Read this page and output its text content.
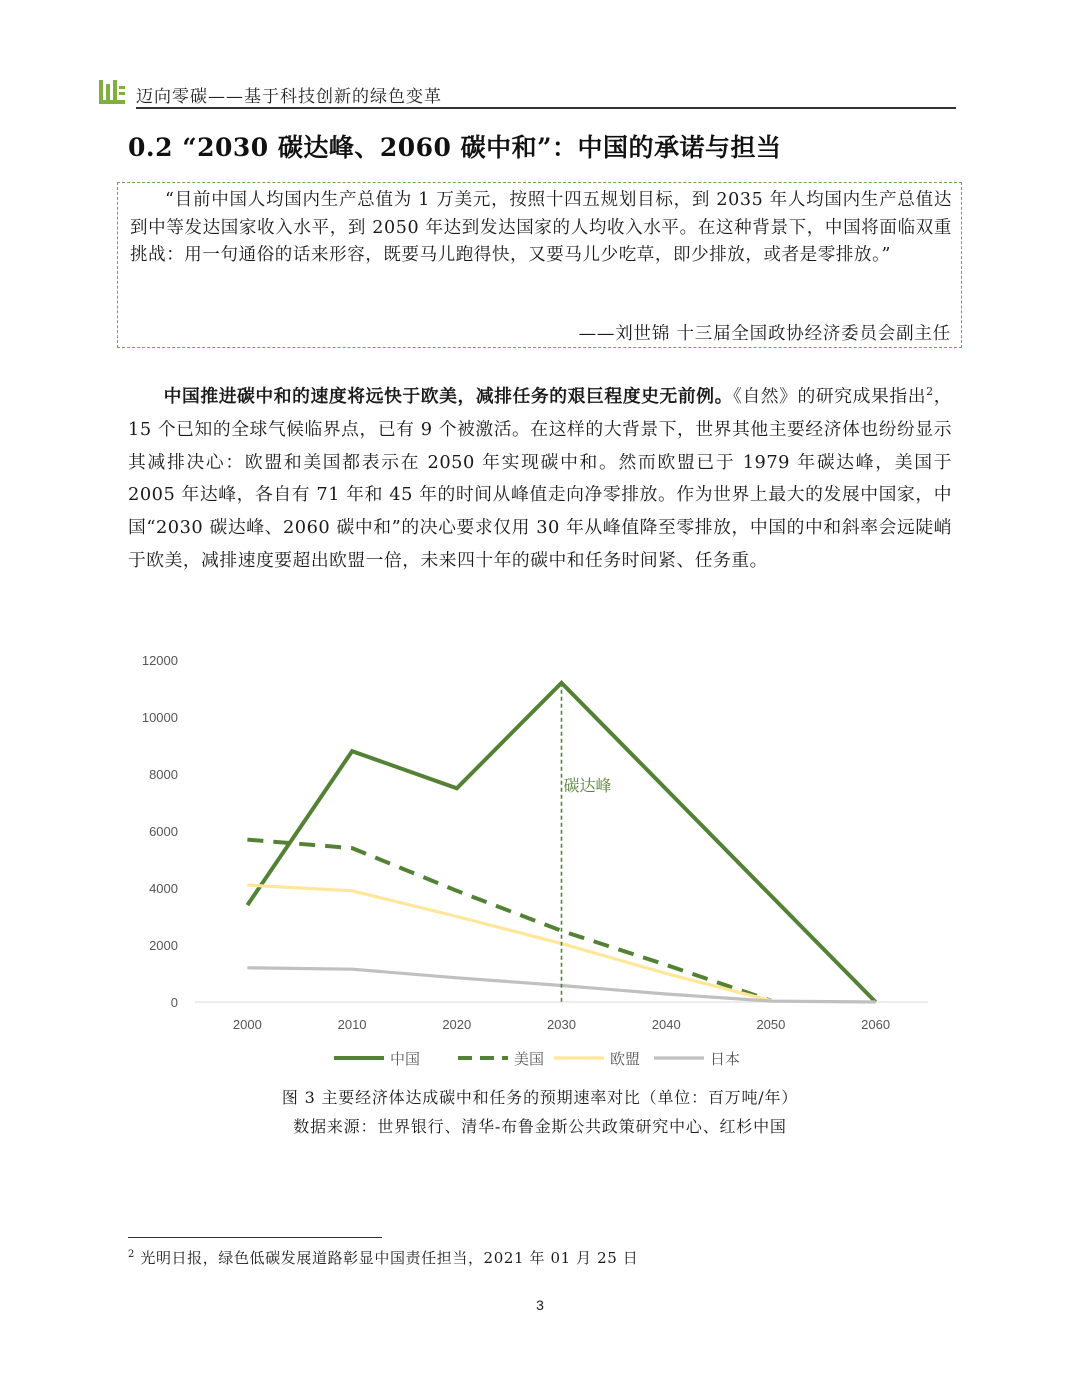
迈向零碳——基于科技创新的绿色变革
0.2 “2030 碳达峰、2060 碳中和”：中国的承诺与担当
“目前中国人均国内生产总值为 1 万美元，按照十四五规划目标，到 2035 年人均国内生产总值达到中等发达国家收入水平，到 2050 年达到发达国家的人均收入水平。在这种背景下，中国将面临双重挑战：用一句通俗的话来形容，既要马儿跑得快，又要马儿少吃草，即少排放，或者是零排放。”
——刘世锦 十三届全国政协经济委员会副主任

中国推进碳中和的速度将远快于欧美，减排任务的艰巨程度史无前例。《自然》的研究成果指出$^2$，15 个已知的全球气候临界点，已有 9 个被激活。在这样的大背景下，世界其他主要经济体也纷纷显示其减排决心：欧盟和美国都表示在 2050 年实现碳中和。然而欧盟已于 1979 年碳达峰，美国于 2005 年达峰，各自有 71 年和 45 年的时间从峰值走向净零排放。作为世界上最大的发展中国家，中国“2030 碳达峰、2060 碳中和”的决心要求仅用 30 年从峰值降至零排放，中国的中和斜率会远陡峭于欧美，减排速度要超出欧盟一倍，未来四十年的碳中和任务时间紧、任务重。

0
2000
4000
6000
8000
10000
12000
2000	2010	2020	2030	2040	2050	2060
碳达峰
中国	美国	欧盟	日本
图 3 主要经济体达成碳中和任务的预期速率对比（单位：百万吨/年）
数据来源：世界银行、清华-布鲁金斯公共政策研究中心、红杉中国
$^2$ 光明日报，绿色低碳发展道路彰显中国责任担当，2021 年 01 月 25 日
3
